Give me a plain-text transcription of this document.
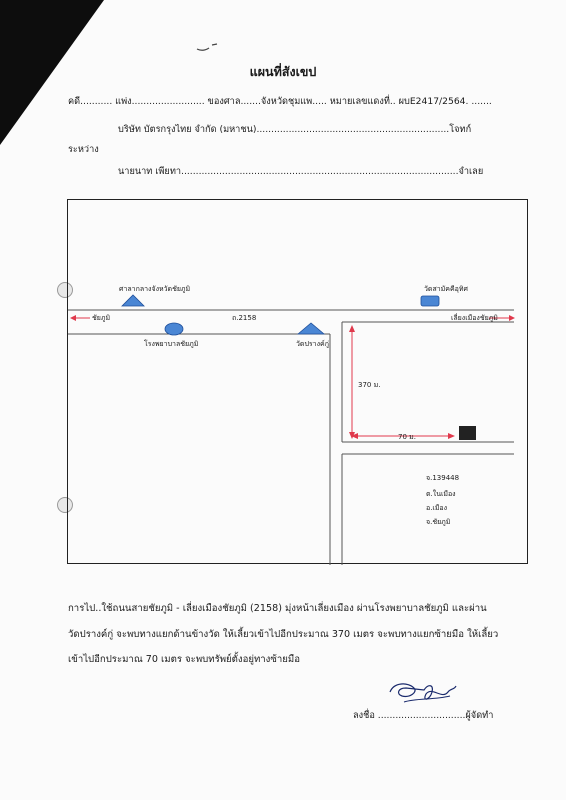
แผนที่สังเขป
คดี........... แพ่ง......................... ของศาล.......จังหวัดชุมแพ..... หมายเลขแดงที่.. ผบE2417/2564. .......
บริษัท บัตรกรุงไทย จำกัด (มหาชน)..................................................................โจทก์
ระหว่าง
นายนาท เพียทา...............................................................................................จำเลย
ศาลากลางจังหวัดชัยภูมิ	วัดสามัคคีอุทิศ
ชัยภูมิ	ถ.2158	เลี่ยงเมืองชัยภูมิ
โรงพยาบาลชัยภูมิ	วัดปรางค์กู่
370 ม.
70 ม.
จ.139448
ต.ในเมือง
อ.เมือง
จ.ชัยภูมิ
การไป..ใช้ถนนสายชัยภูมิ - เลี่ยงเมืองชัยภูมิ (2158) มุ่งหน้าเลี่ยงเมือง ผ่านโรงพยาบาลชัยภูมิ และผ่าน
วัดปรางค์กู่ จะพบทางแยกด้านข้างวัด ให้เลี้ยวเข้าไปอีกประมาณ 370 เมตร จะพบทางแยกซ้ายมือ ให้เลี้ยว
เข้าไปอีกประมาณ 70 เมตร จะพบทรัพย์ตั้งอยู่ทางซ้ายมือ
ลงชื่อ ..............................ผู้จัดทำ
